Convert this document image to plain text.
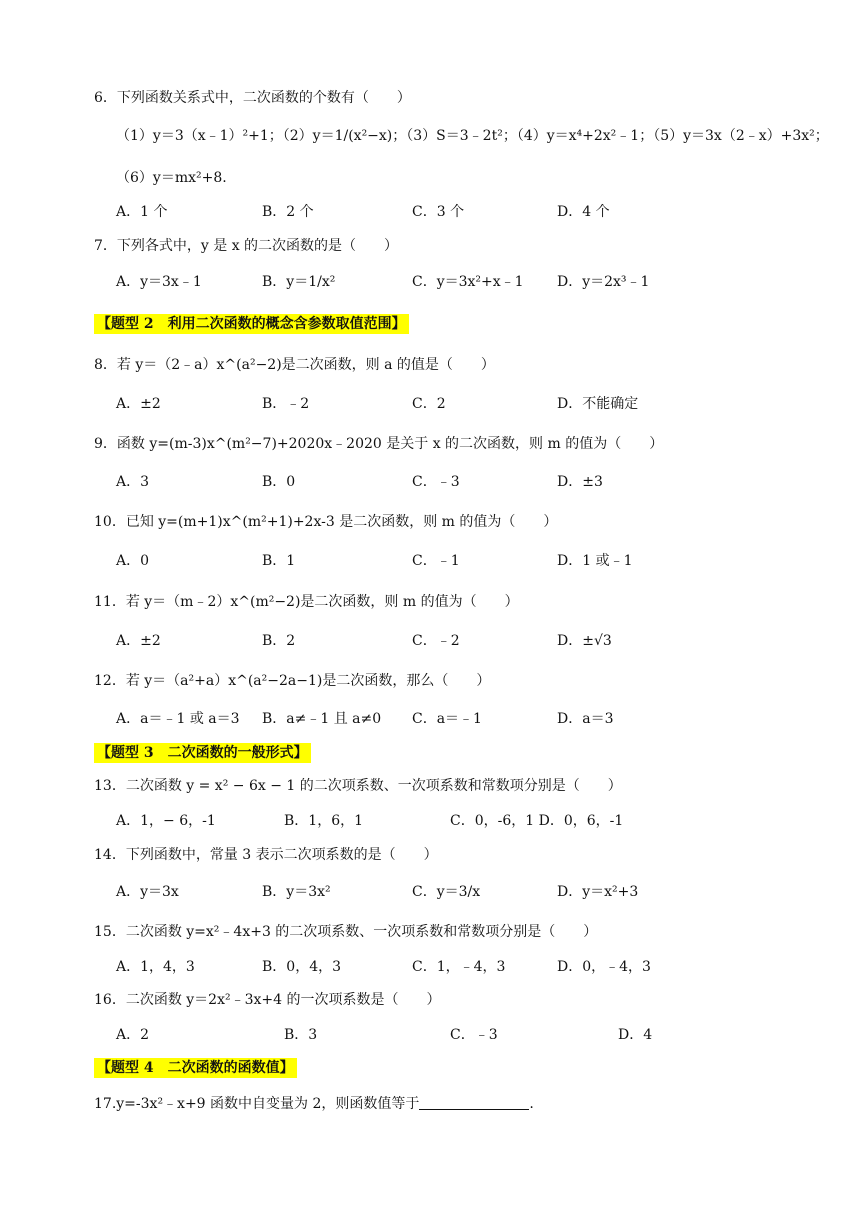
6．下列函数关系式中，二次函数的个数有（　　）
（1）y＝3（x﹣1）²+1；（2）y＝1/(x²−x)；（3）S＝3﹣2t²；（4）y＝x⁴+2x²﹣1；（5）y＝3x（2﹣x）+3x²；
（6）y＝mx²+8.
A．1 个	B．2 个	C．3 个	D．4 个
7．下列各式中，y 是 x 的二次函数的是（　　）
A．y＝3x﹣1	B．y＝1/x²	C．y＝3x²+x﹣1 D．y＝2x³﹣1
【题型 2　利用二次函数的概念含参数取值范围】
8．若 y＝（2﹣a）x^(a²−2)是二次函数，则 a 的值是（　　）
A．±2	B．﹣2	C．2	D．不能确定
9．函数 y=(m-3)x^(m²−7)+2020x﹣2020 是关于 x 的二次函数，则 m 的值为（　　）
A．3	B．0	C．﹣3	D．±3
10．已知 y=(m+1)x^(m²+1)+2x-3 是二次函数，则 m 的值为（　　）
A．0	B．1	C．﹣1	D．1 或﹣1
11．若 y＝（m﹣2）x^(m²−2)是二次函数，则 m 的值为（　　）
A．±2	B．2	C．﹣2	D．±√3
12．若 y＝（a²+a）x^(a²−2a−1)是二次函数，那么（　　）
A．a＝﹣1 或 a＝3 B．a≠﹣1 且 a≠0 C．a＝﹣1	D．a＝3
【题型 3　二次函数的一般形式】
13．二次函数 y = x² − 6x − 1 的二次项系数、一次项系数和常数项分别是（　　）
A．1，− 6，-1	B．1，6，1	C．0，-6，1 D．0，6，-1
14．下列函数中，常量 3 表示二次项系数的是（　　）
A．y＝3x	B．y＝3x²	C．y＝3/x	D．y＝x²+3
15．二次函数 y=x²﹣4x+3 的二次项系数、一次项系数和常数项分别是（　　）
A．1，4，3	B．0，4，3	C．1，﹣4，3	D．0，﹣4，3
16．二次函数 y＝2x²﹣3x+4 的一次项系数是（　　）
A．2	B．3	C．﹣3	D．4
【题型 4　二次函数的函数值】
17.y=-3x²﹣x+9 函数中自变量为 2，则函数值等于	.
